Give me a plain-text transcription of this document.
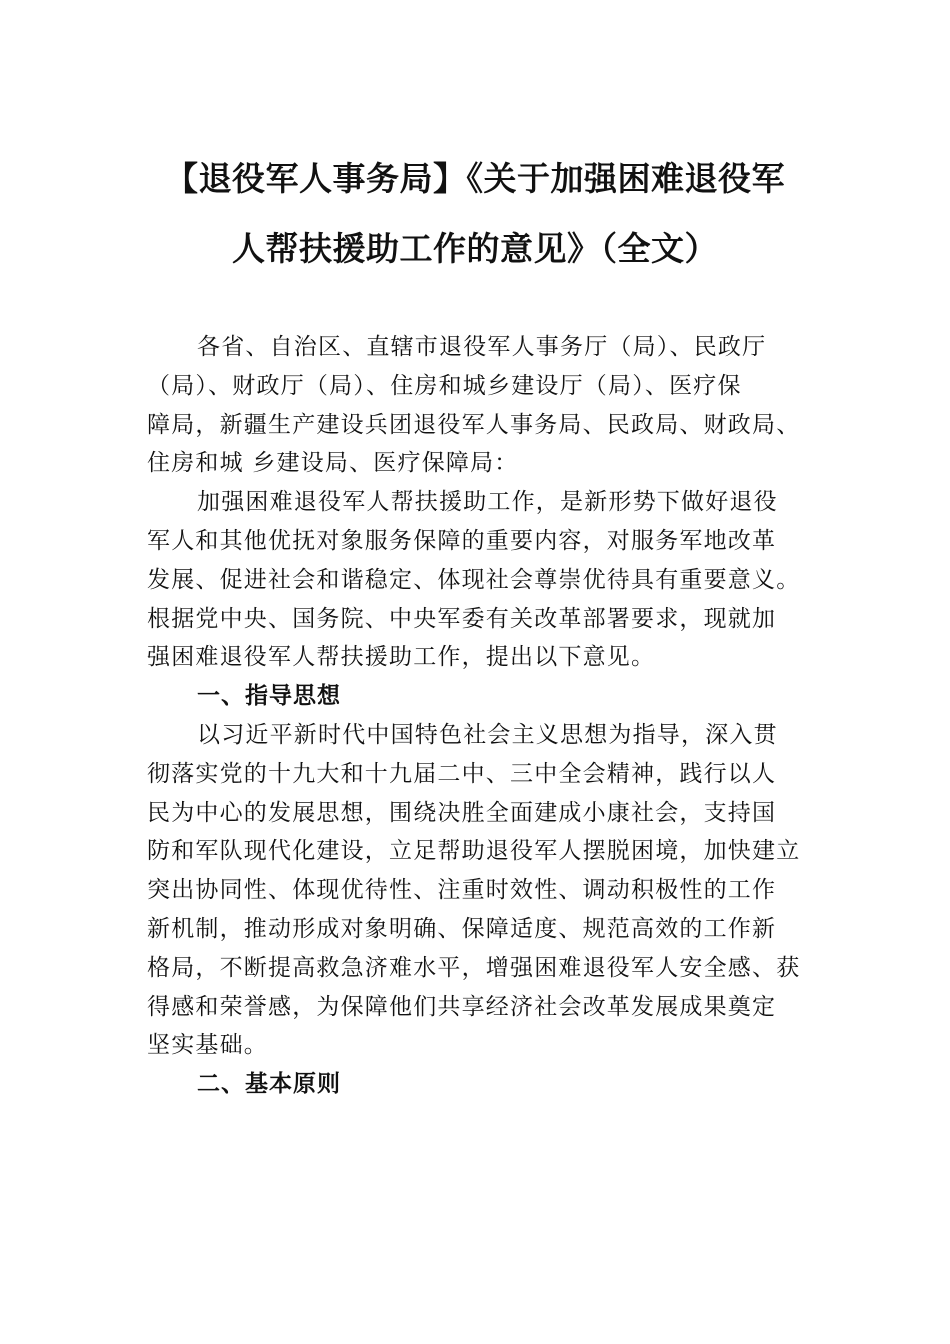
【退役军人事务局】《关于加强困难退役军
人帮扶援助工作的意见》（全文）
各省、自治区、直辖市退役军人事务厅（局）、民政厅
（局）、财政厅（局）、住房和城乡建设厅（局）、医疗保
障局，新疆生产建设兵团退役军人事务局、民政局、财政局、
住房和城 乡建设局、医疗保障局：
加强困难退役军人帮扶援助工作，是新形势下做好退役
军人和其他优抚对象服务保障的重要内容，对服务军地改革
发展、促进社会和谐稳定、体现社会尊崇优待具有重要意义。
根据党中央、国务院、中央军委有关改革部署要求，现就加
强困难退役军人帮扶援助工作，提出以下意见。
一、指导思想
以习近平新时代中国特色社会主义思想为指导，深入贯
彻落实党的十九大和十九届二中、三中全会精神，践行以人
民为中心的发展思想，围绕决胜全面建成小康社会，支持国
防和军队现代化建设，立足帮助退役军人摆脱困境，加快建立
突出协同性、体现优待性、注重时效性、调动积极性的工作
新机制，推动形成对象明确、保障适度、规范高效的工作新
格局，不断提高救急济难水平，增强困难退役军人安全感、获
得感和荣誉感，为保障他们共享经济社会改革发展成果奠定
坚实基础。
二、基本原则
